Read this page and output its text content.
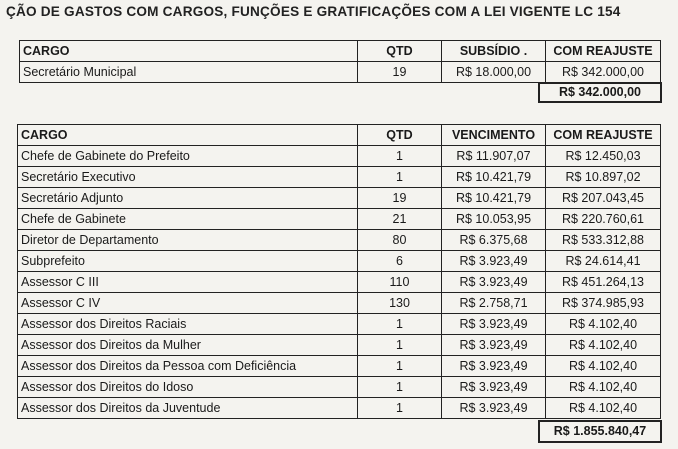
ÇÃO DE GASTOS COM CARGOS, FUNÇÕES E GRATIFICAÇÕES COM A LEI VIGENTE LC 154
CARGO	QTD	SUBSÍDIO .	COM REAJUSTE
Secretário Municipal	19	R$ 18.000,00	R$ 342.000,00
R$ 342.000,00
CARGO	QTD	VENCIMENTO	COM REAJUSTE
Chefe de Gabinete do Prefeito	1	R$ 11.907,07	R$ 12.450,03
Secretário Executivo	1	R$ 10.421,79	R$ 10.897,02
Secretário Adjunto	19	R$ 10.421,79	R$ 207.043,45
Chefe de Gabinete	21	R$ 10.053,95	R$ 220.760,61
Diretor de Departamento	80	R$ 6.375,68	R$ 533.312,88
Subprefeito	6	R$ 3.923,49	R$ 24.614,41
Assessor C III	110	R$ 3.923,49	R$ 451.264,13
Assessor C IV	130	R$ 2.758,71	R$ 374.985,93
Assessor dos Direitos Raciais	1	R$ 3.923,49	R$ 4.102,40
Assessor dos Direitos da Mulher	1	R$ 3.923,49	R$ 4.102,40
Assessor dos Direitos da Pessoa com Deficiência	1	R$ 3.923,49	R$ 4.102,40
Assessor dos Direitos do Idoso	1	R$ 3.923,49	R$ 4.102,40
Assessor dos Direitos da Juventude	1	R$ 3.923,49	R$ 4.102,40
R$ 1.855.840,47
